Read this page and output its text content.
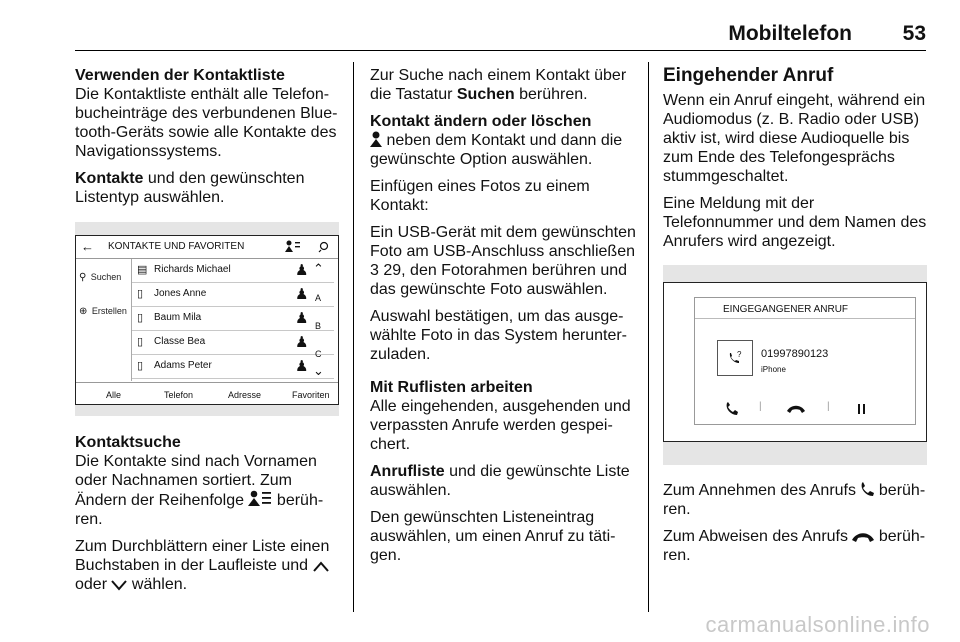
Mobiltelefon 53
Verwenden der Kontaktliste

Die Kontaktliste enthält alle Telefon- bucheinträge des verbundenen Blue- tooth-Geräts sowie alle Kontakte des Navigationssystems.

Kontakte und den gewünschten Listentyp auswählen.

← KONTAKTE UND FAVORITEN
⚲ Suchen
⊕ Erstellen
▤ Richards Michael	♟
▯ Jones Anne	♟
▯ Baum Mila	♟
▯ Classe Bea	♟
▯ Adams Peter	♟
⌃
A
B
C
⌄
Alle	Telefon	Adresse	Favoriten
Kontaktsuche

Die Kontakte sind nach Vornamen oder Nachnamen sortiert. Zum Ändern der Reihenfolge  berüh- ren.

Zum Durchblättern einer Liste einen Buchstaben in der Laufleiste und  oder  wählen.

Zur Suche nach einem Kontakt über die Tastatur Suchen berühren.

Kontakt ändern oder löschen

neben dem Kontakt und dann die gewünschte Option auswählen.

Einfügen eines Fotos zu einem Kontakt:

Ein USB-Gerät mit dem gewünschten Foto am USB-Anschluss anschließen 3 29, den Fotorahmen berühren und das gewünschte Foto auswählen.

Auswahl bestätigen, um das ausge- wählte Foto in das System herunter- zuladen.

Mit Ruflisten arbeiten

Alle eingehenden, ausgehenden und verpassten Anrufe werden gespei- chert.

Anrufliste und die gewünschte Liste auswählen.

Den gewünschten Listeneintrag auswählen, um einen Anruf zu täti- gen.

Eingehender Anruf

Wenn ein Anruf eingeht, während ein Audiomodus (z. B. Radio oder USB) aktiv ist, wird diese Audioquelle bis zum Ende des Telefongesprächs stummgeschaltet.

Eine Meldung mit der Telefonnummer und dem Namen des Anrufers wird angezeigt.

EINGEGANGENER ANRUF
? 01997890123
iPhone
|	|

Zum Annehmen des Anrufs  berüh- ren.

Zum Abweisen des Anrufs  berüh- ren.

carmanualsonline.info
